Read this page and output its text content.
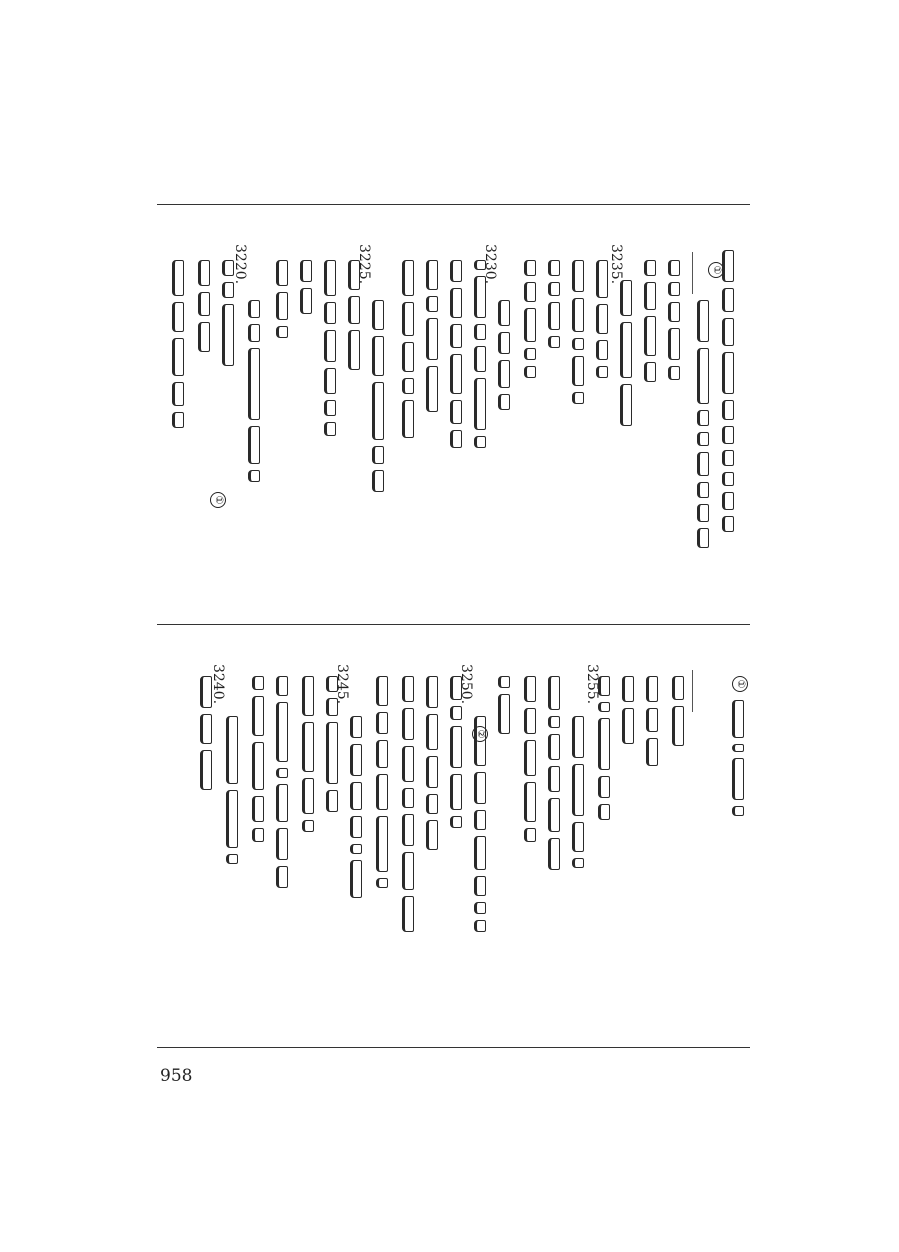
①
①
3235.
3230.
3225.
3220.
①
②
3255.
3250.
3245.
3240.
958
